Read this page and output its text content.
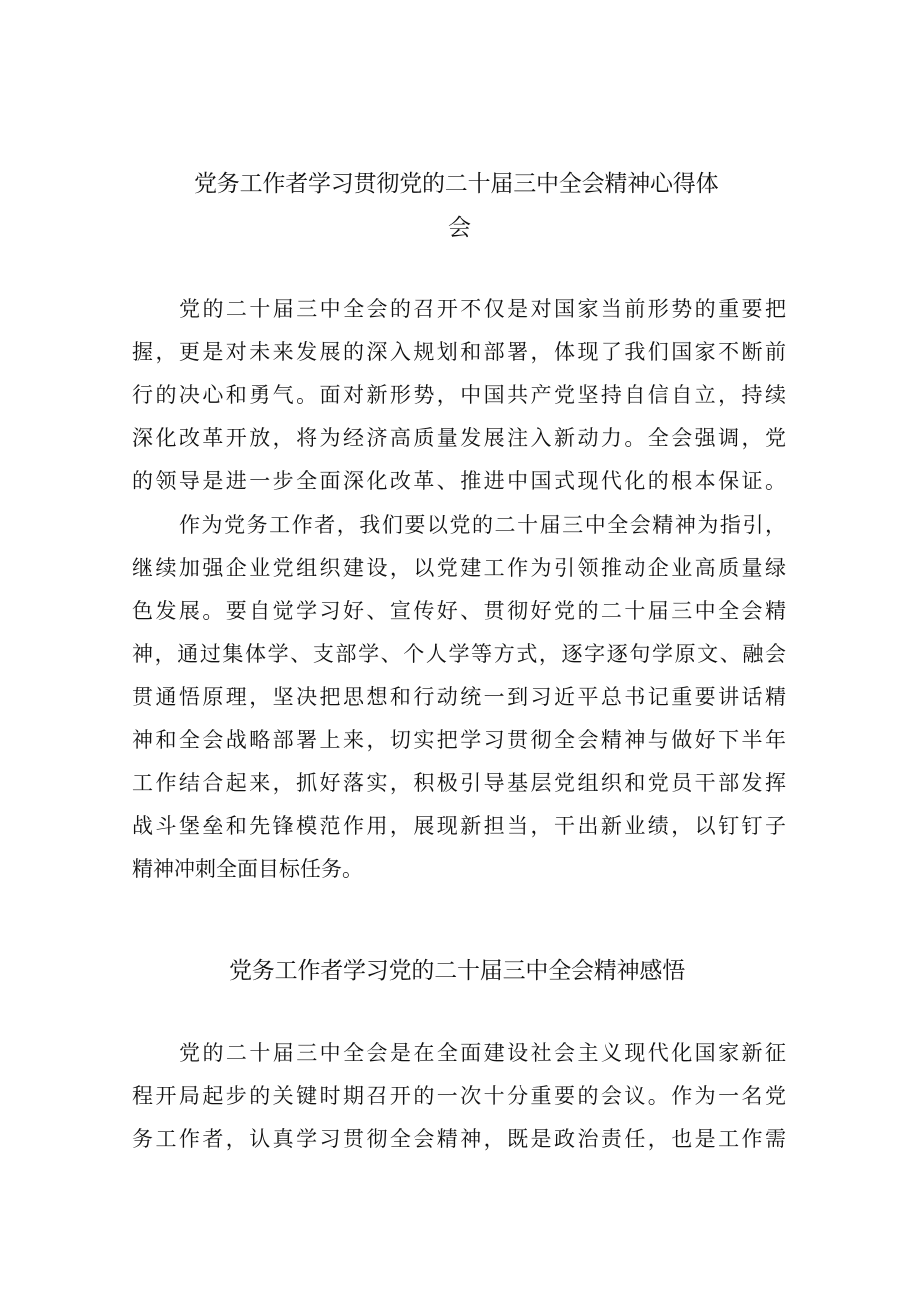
党务工作者学习贯彻党的二十届三中全会精神心得体
会
党的二十届三中全会的召开不仅是对国家当前形势的重要把
握，更是对未来发展的深入规划和部署，体现了我们国家不断前
行的决心和勇气。面对新形势，中国共产党坚持自信自立，持续
深化改革开放，将为经济高质量发展注入新动力。全会强调，党
的领导是进一步全面深化改革、推进中国式现代化的根本保证。
作为党务工作者，我们要以党的二十届三中全会精神为指引，
继续加强企业党组织建设，以党建工作为引领推动企业高质量绿
色发展。要自觉学习好、宣传好、贯彻好党的二十届三中全会精
神，通过集体学、支部学、个人学等方式，逐字逐句学原文、融会
贯通悟原理，坚决把思想和行动统一到习近平总书记重要讲话精
神和全会战略部署上来，切实把学习贯彻全会精神与做好下半年
工作结合起来，抓好落实，积极引导基层党组织和党员干部发挥
战斗堡垒和先锋模范作用，展现新担当，干出新业绩，以钉钉子
精神冲刺全面目标任务。
党务工作者学习党的二十届三中全会精神感悟
党的二十届三中全会是在全面建设社会主义现代化国家新征
程开局起步的关键时期召开的一次十分重要的会议。作为一名党
务工作者，认真学习贯彻全会精神，既是政治责任，也是工作需
